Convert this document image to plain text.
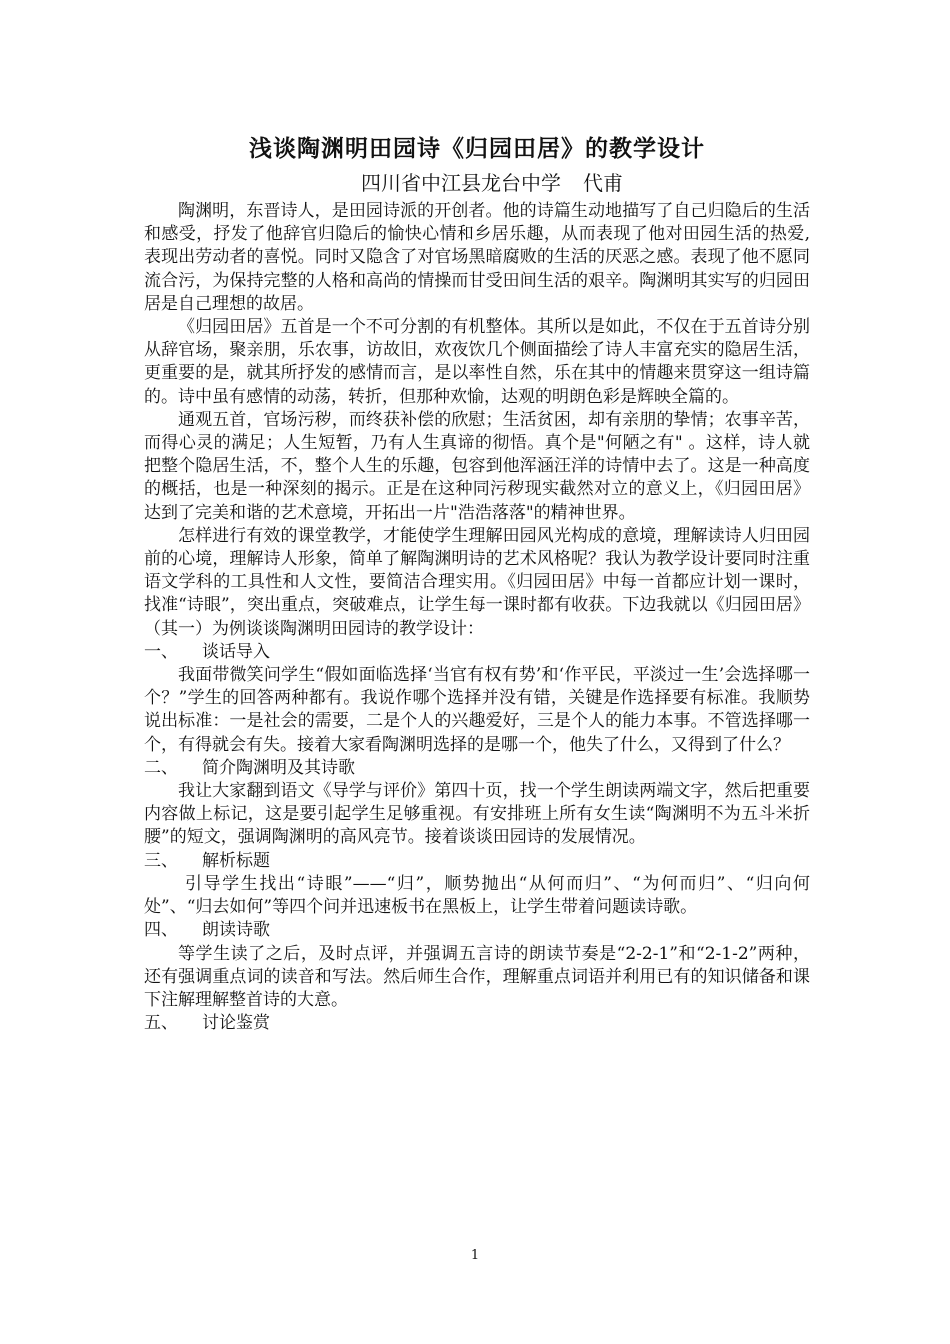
浅谈陶渊明田园诗《归园田居》的教学设计
四川省中江县龙台中学 代甫

陶渊明，东晋诗人，是田园诗派的开创者。他的诗篇生动地描写了自己归隐后的生活和感受，抒发了他辞官归隐后的愉快心情和乡居乐趣，从而表现了他对田园生活的热爱,表现出劳动者的喜悦。同时又隐含了对官场黑暗腐败的生活的厌恶之感。表现了他不愿同流合污，为保持完整的人格和高尚的情操而甘受田间生活的艰辛。陶渊明其实写的归园田居是自己理想的故居。

《归园田居》五首是一个不可分割的有机整体。其所以是如此，不仅在于五首诗分别从辞官场，聚亲朋，乐农事，访故旧，欢夜饮几个侧面描绘了诗人丰富充实的隐居生活，更重要的是，就其所抒发的感情而言，是以率性自然，乐在其中的情趣来贯穿这一组诗篇的。诗中虽有感情的动荡，转折，但那种欢愉，达观的明朗色彩是辉映全篇的。

通观五首，官场污秽，而终获补偿的欣慰；生活贫困，却有亲朋的挚情；农事辛苦，而得心灵的满足；人生短暂，乃有人生真谛的彻悟。真个是"何陋之有" 。这样，诗人就把整个隐居生活，不，整个人生的乐趣，包容到他浑涵汪洋的诗情中去了。这是一种高度的概括，也是一种深刻的揭示。正是在这种同污秽现实截然对立的意义上，《归园田居》达到了完美和谐的艺术意境，开拓出一片"浩浩落落"的精神世界。

怎样进行有效的课堂教学，才能使学生理解田园风光构成的意境，理解读诗人归田园前的心境，理解诗人形象，简单了解陶渊明诗的艺术风格呢？我认为教学设计要同时注重语文学科的工具性和人文性，要简洁合理实用。《归园田居》中每一首都应计划一课时，找准“诗眼”，突出重点，突破难点，让学生每一课时都有收获。下边我就以《归园田居》（其一）为例谈谈陶渊明田园诗的教学设计：

一、 谈话导入

我面带微笑问学生“假如面临选择‘当官有权有势’和‘作平民，平淡过一生’会选择哪一个？”学生的回答两种都有。我说作哪个选择并没有错，关键是作选择要有标准。我顺势说出标准：一是社会的需要，二是个人的兴趣爱好，三是个人的能力本事。不管选择哪一个，有得就会有失。接着大家看陶渊明选择的是哪一个，他失了什么，又得到了什么？

二、 简介陶渊明及其诗歌

我让大家翻到语文《导学与评价》第四十页，找一个学生朗读两端文字，然后把重要内容做上标记，这是要引起学生足够重视。有安排班上所有女生读“陶渊明不为五斗米折腰”的短文，强调陶渊明的高风亮节。接着谈谈田园诗的发展情况。

三、 解析标题

引导学生找出“诗眼”——“归”，顺势抛出“从何而归”、“为何而归”、“归向何处”、“归去如何”等四个问并迅速板书在黑板上，让学生带着问题读诗歌。

四、 朗读诗歌

等学生读了之后，及时点评，并强调五言诗的朗读节奏是“2-2-1”和“2-1-2”两种，还有强调重点词的读音和写法。然后师生合作，理解重点词语并利用已有的知识储备和课下注解理解整首诗的大意。

五、 讨论鉴赏
1
